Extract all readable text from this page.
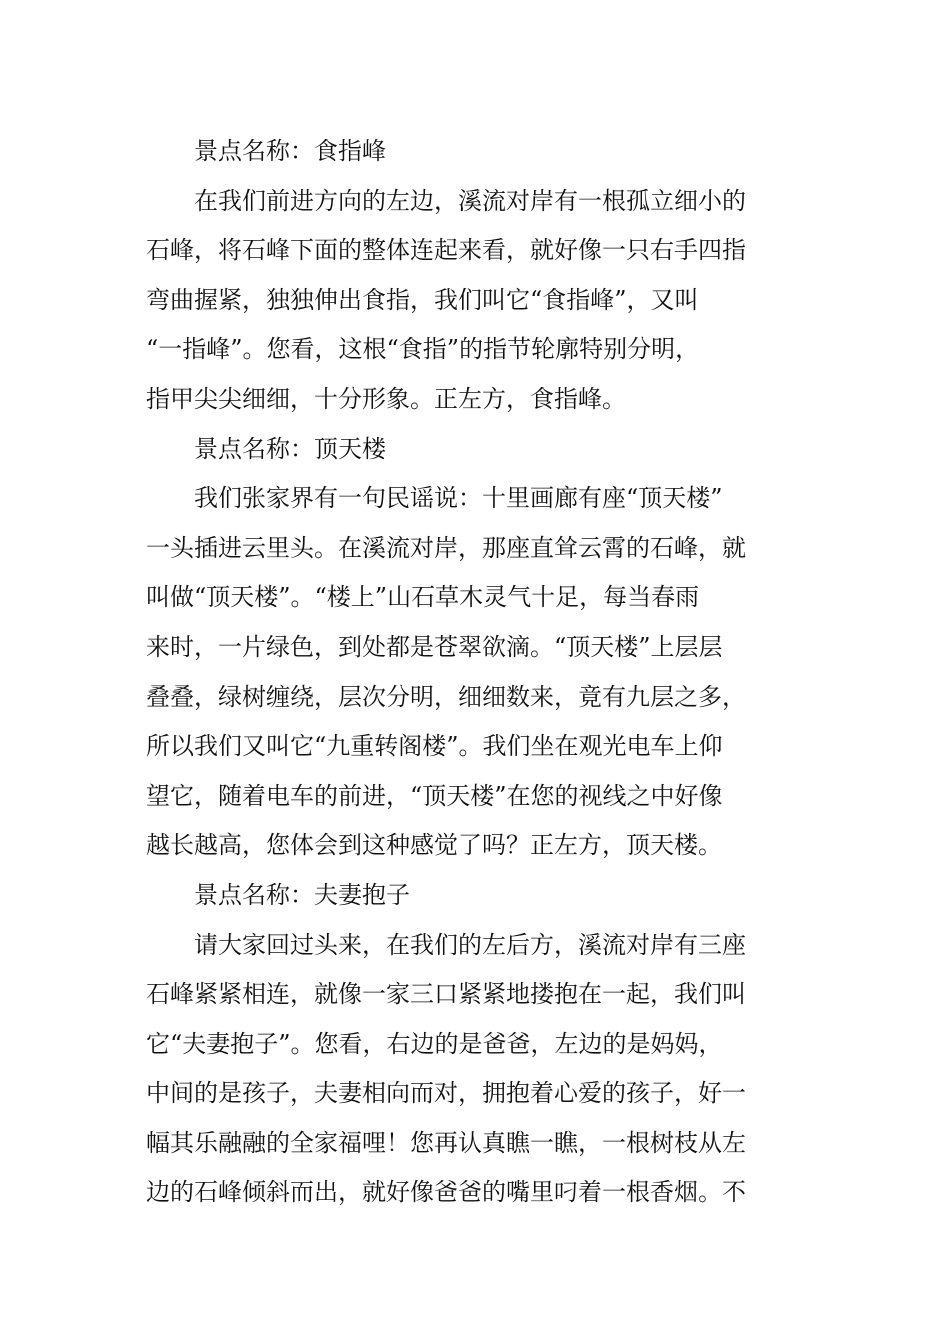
景点名称：食指峰
　　在我们前进方向的左边，溪流对岸有一根孤立细小的
石峰，将石峰下面的整体连起来看，就好像一只右手四指
弯曲握紧，独独伸出食指，我们叫它“食指峰”，又叫
“一指峰”。您看，这根“食指”的指节轮廓特别分明，
指甲尖尖细细，十分形象。正左方，食指峰。
景点名称：顶天楼
　　我们张家界有一句民谣说：十里画廊有座“顶天楼”
一头插进云里头。在溪流对岸，那座直耸云霄的石峰，就
叫做“顶天楼”。“楼上”山石草木灵气十足，每当春雨
来时，一片绿色，到处都是苍翠欲滴。“顶天楼”上层层
叠叠，绿树缠绕，层次分明，细细数来，竟有九层之多，
所以我们又叫它“九重转阁楼”。我们坐在观光电车上仰
望它，随着电车的前进，“顶天楼”在您的视线之中好像
越长越高，您体会到这种感觉了吗？正左方，顶天楼。
景点名称：夫妻抱子
　　请大家回过头来，在我们的左后方，溪流对岸有三座
石峰紧紧相连，就像一家三口紧紧地搂抱在一起，我们叫
它“夫妻抱子”。您看，右边的是爸爸，左边的是妈妈，
中间的是孩子，夫妻相向而对，拥抱着心爱的孩子，好一
幅其乐融融的全家福哩！您再认真瞧一瞧，一根树枝从左
边的石峰倾斜而出，就好像爸爸的嘴里叼着一根香烟。不
